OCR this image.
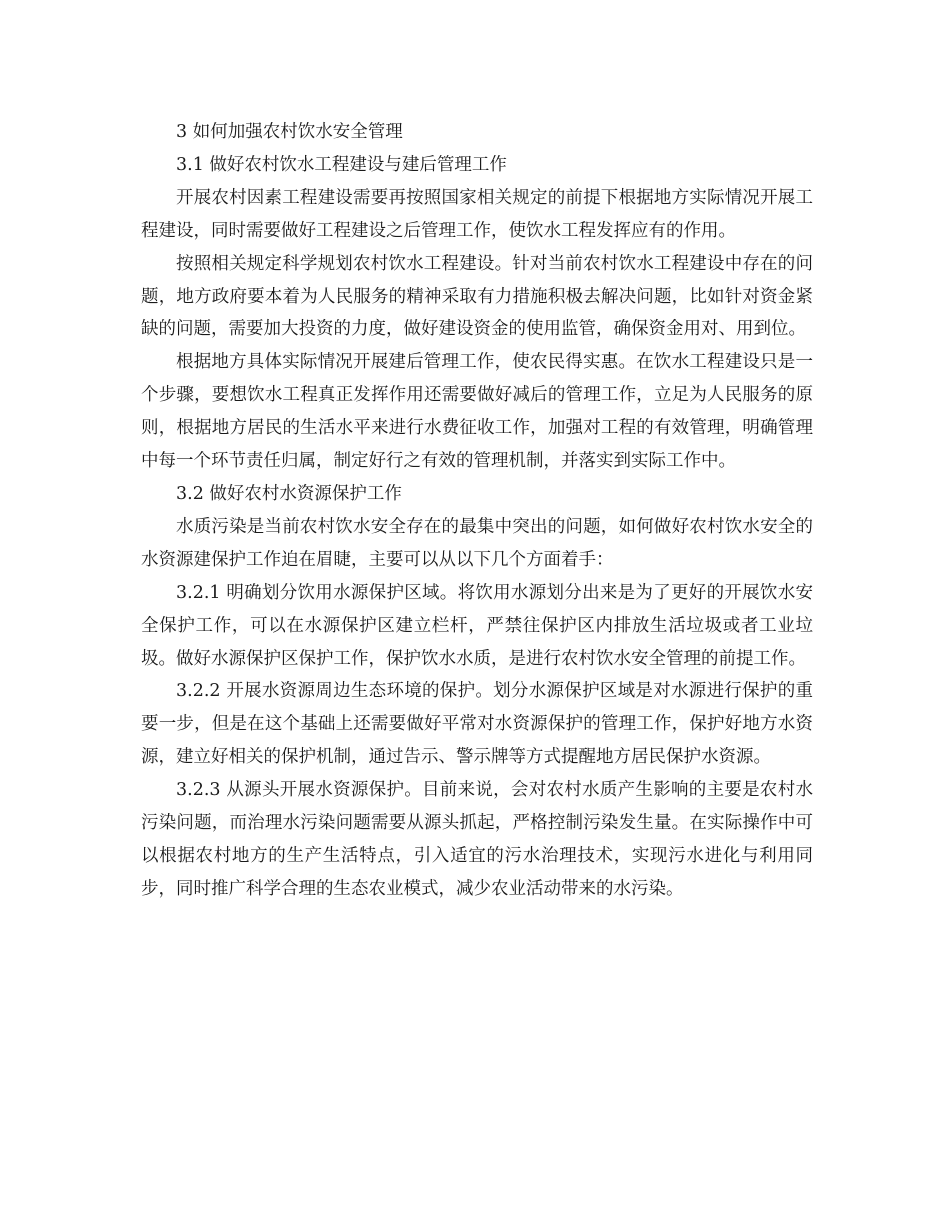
3 如何加强农村饮水安全管理
3.1 做好农村饮水工程建设与建后管理工作

开展农村因素工程建设需要再按照国家相关规定的前提下根据地方实际情况开展工程建设，同时需要做好工程建设之后管理工作，使饮水工程发挥应有的作用。

按照相关规定科学规划农村饮水工程建设。针对当前农村饮水工程建设中存在的问题，地方政府要本着为人民服务的精神采取有力措施积极去解决问题，比如针对资金紧缺的问题，需要加大投资的力度，做好建设资金的使用监管，确保资金用对、用到位。

根据地方具体实际情况开展建后管理工作，使农民得实惠。在饮水工程建设只是一个步骤，要想饮水工程真正发挥作用还需要做好减后的管理工作，立足为人民服务的原则，根据地方居民的生活水平来进行水费征收工作，加强对工程的有效管理，明确管理中每一个环节责任归属，制定好行之有效的管理机制，并落实到实际工作中。

3.2 做好农村水资源保护工作

水质污染是当前农村饮水安全存在的最集中突出的问题，如何做好农村饮水安全的水资源建保护工作迫在眉睫，主要可以从以下几个方面着手：

3.2.1 明确划分饮用水源保护区域。将饮用水源划分出来是为了更好的开展饮水安全保护工作，可以在水源保护区建立栏杆，严禁往保护区内排放生活垃圾或者工业垃圾。做好水源保护区保护工作，保护饮水水质，是进行农村饮水安全管理的前提工作。

3.2.2 开展水资源周边生态环境的保护。划分水源保护区域是对水源进行保护的重要一步，但是在这个基础上还需要做好平常对水资源保护的管理工作，保护好地方水资源，建立好相关的保护机制，通过告示、警示牌等方式提醒地方居民保护水资源。

3.2.3 从源头开展水资源保护。目前来说，会对农村水质产生影响的主要是农村水污染问题，而治理水污染问题需要从源头抓起，严格控制污染发生量。在实际操作中可以根据农村地方的生产生活特点，引入适宜的污水治理技术，实现污水进化与利用同步，同时推广科学合理的生态农业模式，减少农业活动带来的水污染。
